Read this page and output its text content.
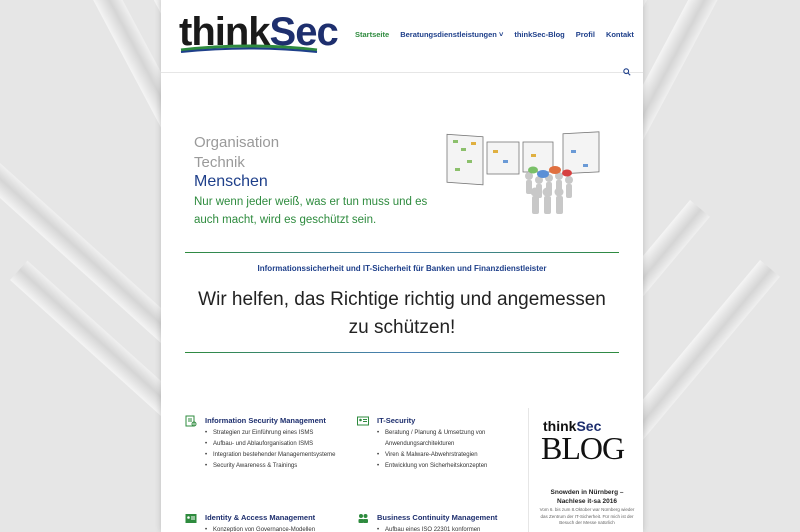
thinkSec Startseite Beratungsdienstleistungen ˅ thinkSec-Blog Profil Kontakt
Organisation
Technik
Menschen
Nur wenn jeder weiß, was er tun muss und es auch macht, wird es geschützt sein.
Informationssicherheit und IT-Sicherheit für Banken und Finanzdienstleister
Wir helfen, das Richtige richtig und angemessen zu schützen!
Information Security Management
• Strategien zur Einführung eines ISMS
• Aufbau- und Ablauforganisation ISMS
• Integration bestehender Managementsysteme
• Security Awareness & Trainings
IT-Security
• Beratung / Planung & Umsetzung von Anwendungsarchitekturen
• Viren & Malware-Abwehrstrategien
• Entwicklung von Sicherheitskonzepten
Identity & Access Management
• Konzeption von Governance-Modellen
Business Continuity Management
• Aufbau eines ISO 22301 konformen
thinkSec
BLOG
Snowden in Nürnberg – Nachlese it-sa 2016
Vom 6. bis zum 8.Oktober war Nürnberg wieder das Zentrum der IT-Sicherheit. Für mich ist der Besuch der Messe natürlich
